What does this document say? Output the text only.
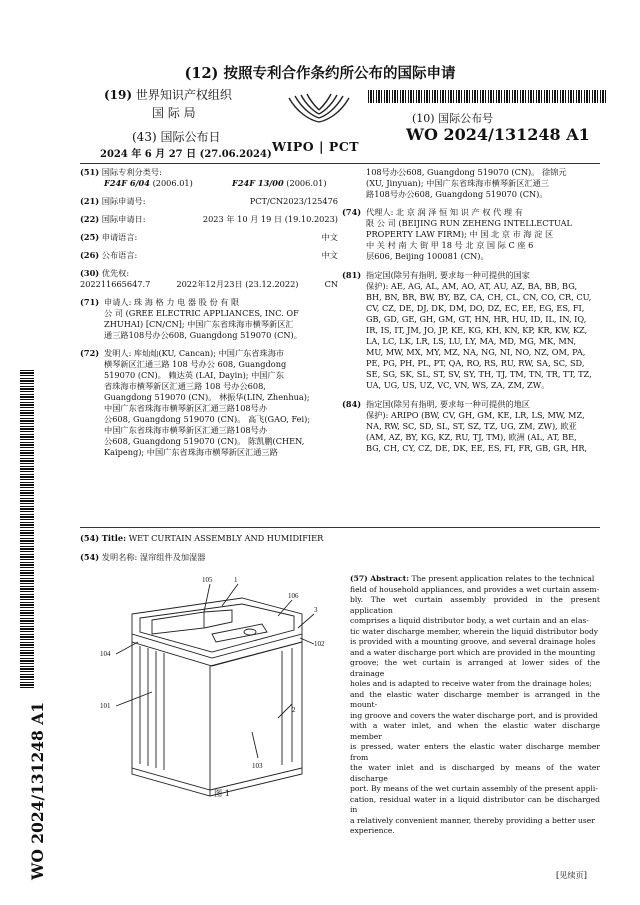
(12) 按照专利合作条约所公布的国际申请
(19) 世界知识产权组织
国 际 局
(43) 国际公布日
2024 年 6 月 27 日 (27.06.2024)
WIPO | PCT
(10) 国际公布号
WO 2024/131248 A1
(51) 国际专利分类号:
F24F 6/04 (2006.01)	F24F 13/00 (2006.01)
(21) 国际申请号:	PCT/CN2023/125476
(22) 国际申请日:	2023 年 10 月 19 日 (19.10.2023)
(25) 申请语言:	中文
(26) 公布语言:	中文
(30) 优先权:
202211665647.7	2022年12月23日 (23.12.2022)	CN
(71) 申请人: 珠 海 格 力 电 器 股 份 有 限
公 司 (GREE ELECTRIC APPLIANCES, INC. OF
ZHUHAI) [CN/CN]; 中国广东省珠海市横琴新区汇
通三路108号办公608, Guangdong 519070 (CN)。
(72) 发明人: 库灿灿(KU, Cancan); 中国广东省珠海市
横琴新区汇通三路 108 号办公 608, Guangdong
519070 (CN)。 赖达英 (LAI, Dayin); 中国广东
省珠海市横琴新区汇通三路 108 号办公608,
Guangdong 519070 (CN)。 林振华(LIN, Zhenhua);
中国广东省珠海市横琴新区汇通三路108号办
公608, Guangdong 519070 (CN)。 高飞(GAO, Fei);
中国广东省珠海市横琴新区汇通三路108号办
公608, Guangdong 519070 (CN)。 陈凯鹏(CHEN,
Kaipeng); 中国广东省珠海市横琴新区汇通三路
108号办公608, Guangdong 519070 (CN)。 徐锦元
(XU, Jinyuan); 中国广东省珠海市横琴新区汇通三
路108号办公608, Guangdong 519070 (CN)。
(74) 代理人: 北 京 润 泽 恒 知 识 产 权 代 理 有
限 公 司 (BEIJING RUN ZEHENG INTELLECTUAL
PROPERTY LAW FIRM); 中 国 北 京 市 海 淀 区
中 关 村 南 大 街 甲 18 号 北 京 国 际 C 座 6
层606, Beijing 100081 (CN)。
(81) 指定国(除另有指明, 要求每一种可提供的国家
保护): AE, AG, AL, AM, AO, AT, AU, AZ, BA, BB, BG,
BH, BN, BR, BW, BY, BZ, CA, CH, CL, CN, CO, CR, CU,
CV, CZ, DE, DJ, DK, DM, DO, DZ, EC, EE, EG, ES, FI,
GB, GD, GE, GH, GM, GT, HN, HR, HU, ID, IL, IN, IQ,
IR, IS, IT, JM, JO, JP, KE, KG, KH, KN, KP, KR, KW, KZ,
LA, LC, LK, LR, LS, LU, LY, MA, MD, MG, MK, MN,
MU, MW, MX, MY, MZ, NA, NG, NI, NO, NZ, OM, PA,
PE, PG, PH, PL, PT, QA, RO, RS, RU, RW, SA, SC, SD,
SE, SG, SK, SL, ST, SV, SY, TH, TJ, TM, TN, TR, TT, TZ,
UA, UG, US, UZ, VC, VN, WS, ZA, ZM, ZW。
(84) 指定国(除另有指明, 要求每一种可提供的地区
保护): ARIPO (BW, CV, GH, GM, KE, LR, LS, MW, MZ,
NA, RW, SC, SD, SL, ST, SZ, TZ, UG, ZM, ZW), 欧亚
(AM, AZ, BY, KG, KZ, RU, TJ, TM), 欧洲 (AL, AT, BE,
BG, CH, CY, CZ, DE, DK, EE, ES, FI, FR, GB, GR, HR,
(54) Title: WET CURTAIN ASSEMBLY AND HUMIDIFIER
(54) 发明名称: 湿帘组件及加湿器
105	1
106
3
102
104
101	2
103
图 1
(57) Abstract: The present application relates to the technical
field of household appliances, and provides a wet curtain assem-
bly. The wet curtain assembly provided in the present application
comprises a liquid distributor body, a wet curtain and an elas-
tic water discharge member, wherein the liquid distributor body
is provided with a mounting groove, and several drainage holes
and a water discharge port which are provided in the mounting
groove; the wet curtain is arranged at lower sides of the drainage
holes and is adapted to receive water from the drainage holes;
and the elastic water discharge member is arranged in the mount-
ing groove and covers the water discharge port, and is provided
with a water inlet, and when the elastic water discharge member
is pressed, water enters the elastic water discharge member from
the water inlet and is discharged by means of the water discharge
port. By means of the wet curtain assembly of the present appli-
cation, residual water in a liquid distributor can be discharged in
a relatively convenient manner, thereby providing a better user
experience.
[见续页]
WO 2024/131248 A1
